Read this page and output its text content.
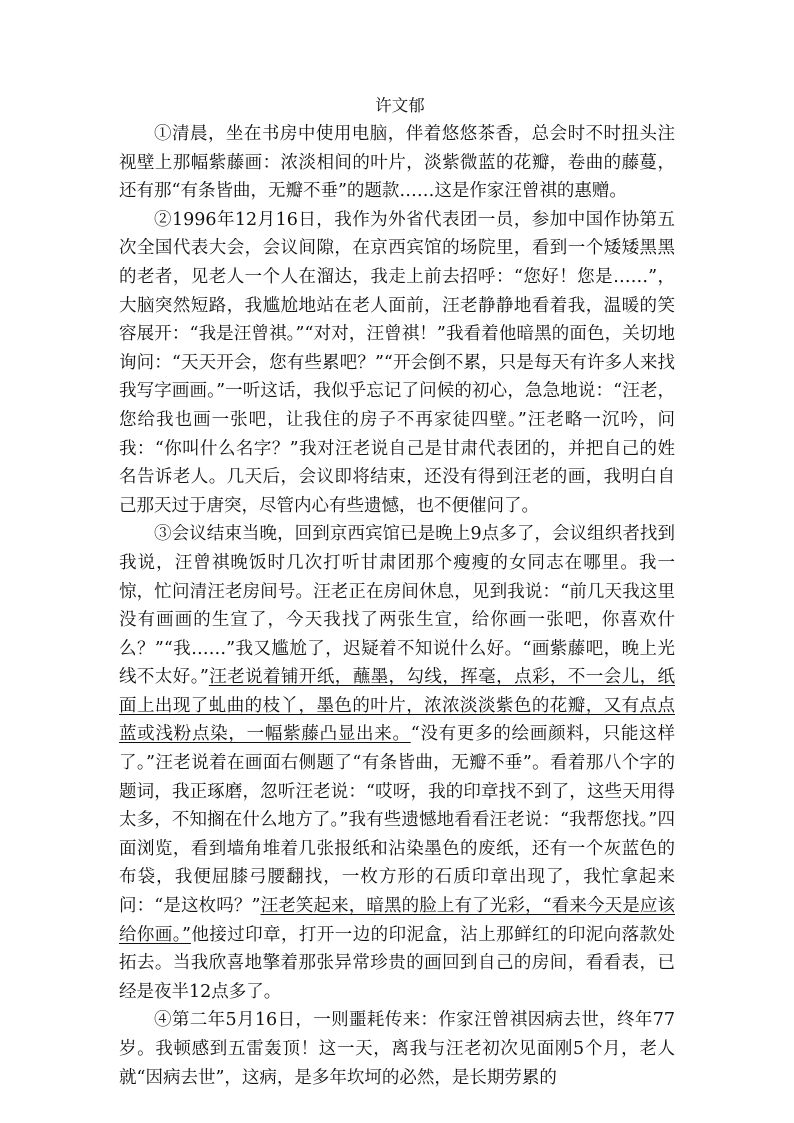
许文郁

①清晨，坐在书房中使用电脑，伴着悠悠茶香，总会时不时扭头注视壁上那幅紫藤画：浓淡相间的叶片，淡紫微蓝的花瓣，卷曲的藤蔓，还有那“有条皆曲，无瓣不垂”的题款……这是作家汪曾祺的惠赠。

②1996年12月16日，我作为外省代表团一员，参加中国作协第五次全国代表大会，会议间隙，在京西宾馆的场院里，看到一个矮矮黑黑的老者，见老人一个人在溜达，我走上前去招呼：“您好！您是……”，大脑突然短路，我尴尬地站在老人面前，汪老静静地看着我，温暖的笑容展开：“我是汪曾祺。”“对对，汪曾祺！”我看着他暗黑的面色，关切地询问：“天天开会，您有些累吧？”“开会倒不累，只是每天有许多人来找我写字画画。”一听这话，我似乎忘记了问候的初心，急急地说：“汪老，您给我也画一张吧，让我住的房子不再家徒四壁。”汪老略一沉吟，问我：“你叫什么名字？”我对汪老说自己是甘肃代表团的，并把自己的姓名告诉老人。几天后，会议即将结束，还没有得到汪老的画，我明白自己那天过于唐突，尽管内心有些遗憾，也不便催问了。

③会议结束当晚，回到京西宾馆已是晚上9点多了，会议组织者找到我说，汪曾祺晚饭时几次打听甘肃团那个瘦瘦的女同志在哪里。我一惊，忙问清汪老房间号。汪老正在房间休息，见到我说：“前几天我这里没有画画的生宣了，今天我找了两张生宣，给你画一张吧，你喜欢什么？”“我……”我又尴尬了，迟疑着不知说什么好。“画紫藤吧，晚上光线不太好。”汪老说着铺开纸，蘸墨，勾线，挥毫，点彩，不一会儿，纸面上出现了虬曲的枝丫，墨色的叶片，浓浓淡淡紫色的花瓣，又有点点蓝或浅粉点染，一幅紫藤凸显出来。“没有更多的绘画颜料，只能这样了。”汪老说着在画面右侧题了“有条皆曲，无瓣不垂”。看着那八个字的题词，我正琢磨，忽听汪老说：“哎呀，我的印章找不到了，这些天用得太多，不知搁在什么地方了。”我有些遗憾地看看汪老说：“我帮您找。”四面浏览，看到墙角堆着几张报纸和沾染墨色的废纸，还有一个灰蓝色的布袋，我便屈膝弓腰翻找，一枚方形的石质印章出现了，我忙拿起来问：“是这枚吗？”汪老笑起来，暗黑的脸上有了光彩，“看来今天是应该给你画。”他接过印章，打开一边的印泥盒，沾上那鲜红的印泥向落款处拓去。当我欣喜地擎着那张异常珍贵的画回到自己的房间，看看表，已经是夜半12点多了。

④第二年5月16日，一则噩耗传来：作家汪曾祺因病去世，终年77岁。我顿感到五雷轰顶！这一天，离我与汪老初次见面刚5个月，老人就“因病去世”，这病，是多年坎坷的必然，是长期劳累的
